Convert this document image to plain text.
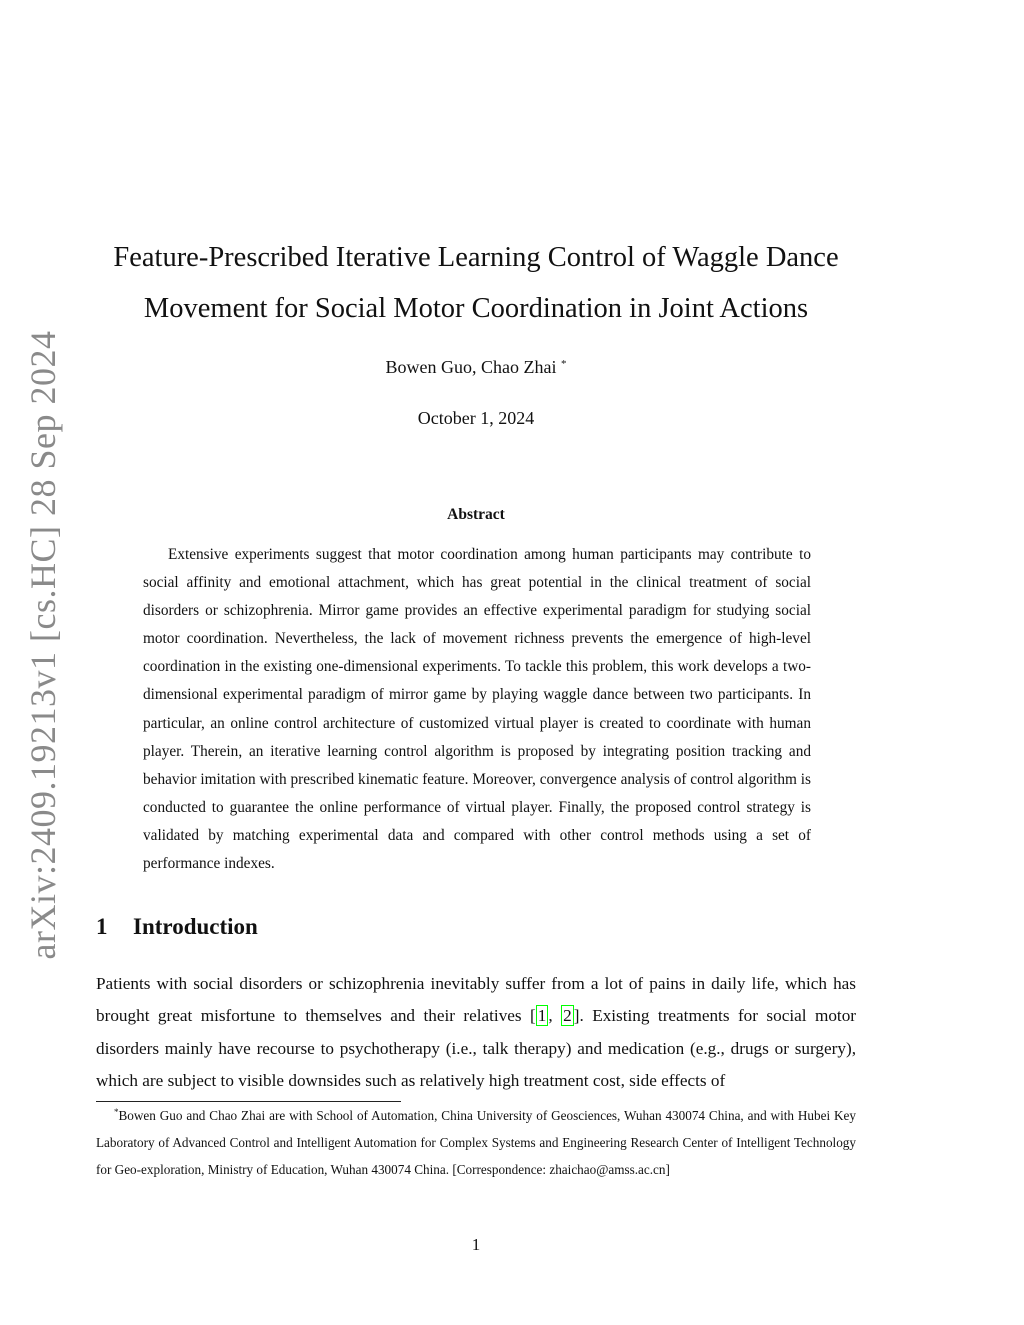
arXiv:2409.19213v1 [cs.HC] 28 Sep 2024
Feature-Prescribed Iterative Learning Control of Waggle Dance
Movement for Social Motor Coordination in Joint Actions
Bowen Guo, Chao Zhai *
October 1, 2024
Abstract

Extensive experiments suggest that motor coordination among human participants may contribute to social affinity and emotional attachment, which has great potential in the clinical treatment of social disorders or schizophrenia. Mirror game provides an effective experimental paradigm for studying social motor coordination. Nevertheless, the lack of movement richness prevents the emergence of high-level coordination in the existing one-dimensional experiments. To tackle this problem, this work develops a two-dimensional experimental paradigm of mirror game by playing waggle dance between two participants. In particular, an online control architecture of customized virtual player is created to coordinate with human player. Therein, an iterative learning control algorithm is proposed by integrating position tracking and behavior imitation with prescribed kinematic feature. Moreover, convergence analysis of control algorithm is conducted to guarantee the online performance of virtual player. Finally, the proposed control strategy is validated by matching experimental data and compared with other control methods using a set of performance indexes.

1 Introduction

Patients with social disorders or schizophrenia inevitably suffer from a lot of pains in daily life, which has brought great misfortune to themselves and their relatives [ 1 , 2 ]. Existing treatments for social motor disorders mainly have recourse to psychotherapy (i.e., talk therapy) and medication (e.g., drugs or surgery), which are subject to visible downsides such as relatively high treatment cost, side effects of

*Bowen Guo and Chao Zhai are with School of Automation, China University of Geosciences, Wuhan 430074 China, and with Hubei Key Laboratory of Advanced Control and Intelligent Automation for Complex Systems and Engineering Research Center of Intelligent Technology for Geo-exploration, Ministry of Education, Wuhan 430074 China. [Correspondence: zhaichao@amss.ac.cn]

1
